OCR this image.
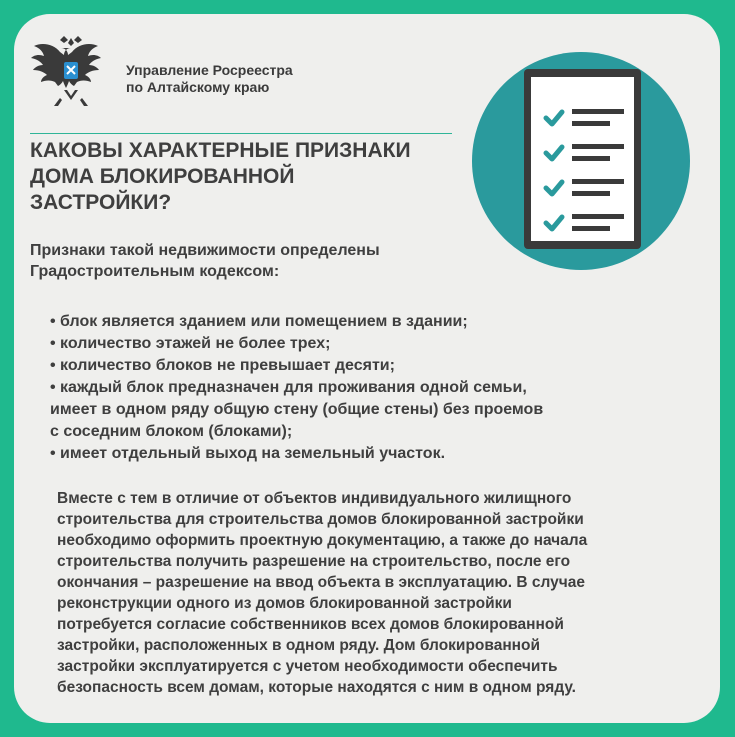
Управление Росреестра
по Алтайскому краю
КАКОВЫ ХАРАКТЕРНЫЕ ПРИЗНАКИ
ДОМА БЛОКИРОВАННОЙ
ЗАСТРОЙКИ?
Признаки такой недвижимости определены
Градостроительным кодексом:
• блок является зданием или помещением в здании;
• количество этажей не более трех;
• количество блоков не превышает десяти;
• каждый блок предназначен для проживания одной семьи,
имеет в одном ряду общую стену (общие стены) без проемов
с соседним блоком (блоками);
• имеет отдельный выход на земельный участок.
Вместе с тем в отличие от объектов индивидуального жилищного
строительства для строительства домов блокированной застройки
необходимо оформить проектную документацию, а также до начала
строительства получить разрешение на строительство, после его
окончания – разрешение на ввод объекта в эксплуатацию. В случае
реконструкции одного из домов блокированной застройки
потребуется согласие собственников всех домов блокированной
застройки, расположенных в одном ряду. Дом блокированной
застройки эксплуатируется с учетом необходимости обеспечить
безопасность всем домам, которые находятся с ним в одном ряду.
